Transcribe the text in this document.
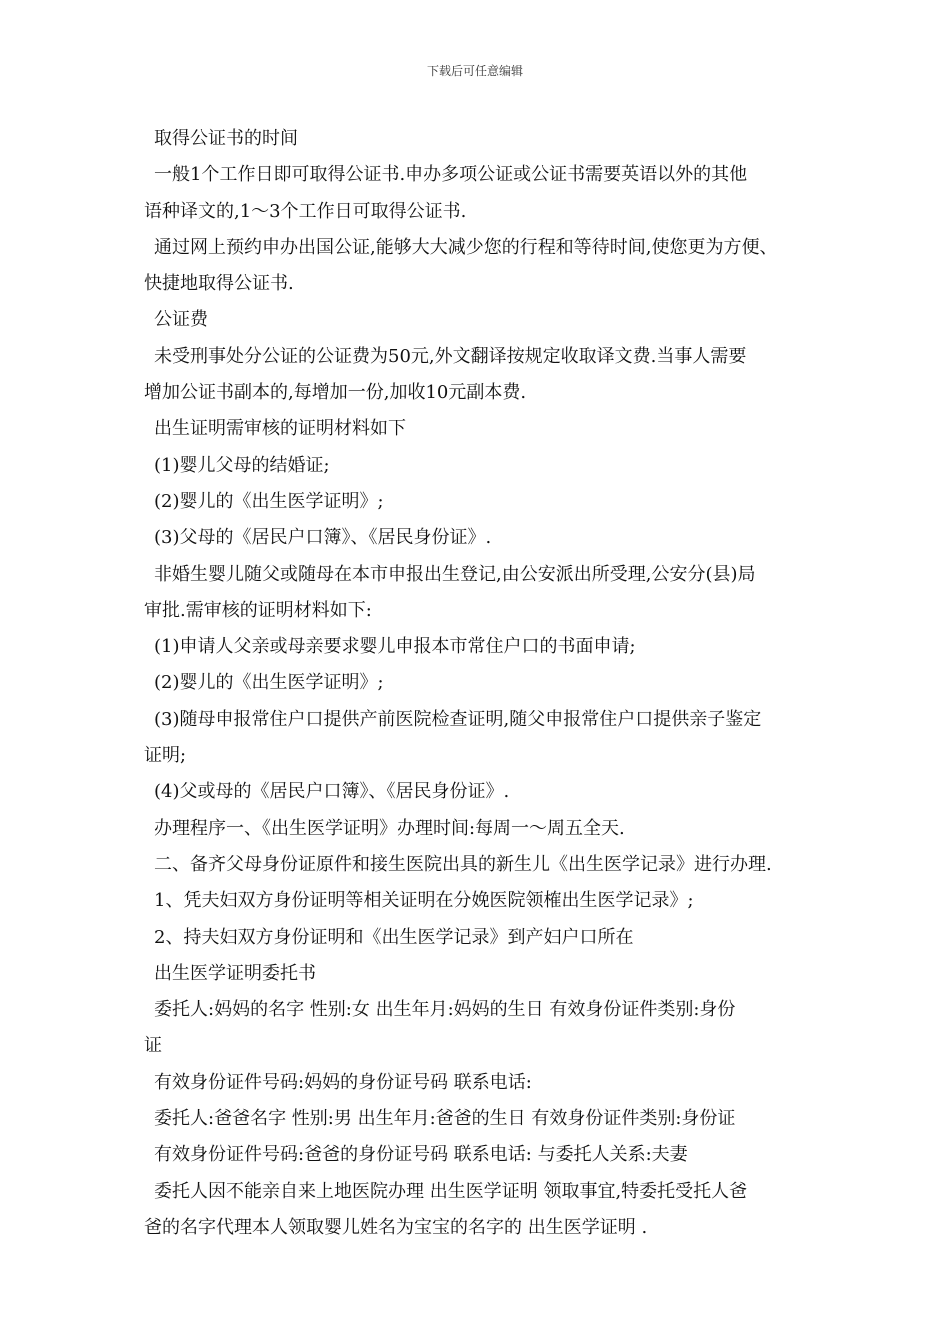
下载后可任意编辑
取得公证书的时间
一般1个工作日即可取得公证书.申办多项公证或公证书需要英语以外的其他
语种译文的,1～3个工作日可取得公证书.
通过网上预约申办出国公证,能够大大减少您的行程和等待时间,使您更为方便、
快捷地取得公证书.
公证费
未受刑事处分公证的公证费为50元,外文翻译按规定收取译文费.当事人需要
增加公证书副本的,每增加一份,加收10元副本费.
出生证明需审核的证明材料如下
(1)婴儿父母的结婚证;
(2)婴儿的《出生医学证明》;
(3)父母的《居民户口簿》、《居民身份证》.
非婚生婴儿随父或随母在本市申报出生登记,由公安派出所受理,公安分(县)局
审批.需审核的证明材料如下:
(1)申请人父亲或母亲要求婴儿申报本市常住户口的书面申请;
(2)婴儿的《出生医学证明》;
(3)随母申报常住户口提供产前医院检查证明,随父申报常住户口提供亲子鉴定
证明;
(4)父或母的《居民户口簿》、《居民身份证》.
办理程序一、《出生医学证明》办理时间:每周一～周五全天.
二、备齐父母身份证原件和接生医院出具的新生儿《出生医学记录》进行办理.
1、凭夫妇双方身份证明等相关证明在分娩医院领榷出生医学记录》;
2、持夫妇双方身份证明和《出生医学记录》到产妇户口所在
出生医学证明委托书
委托人:妈妈的名字 性别:女 出生年月:妈妈的生日 有效身份证件类别:身份
证
有效身份证件号码:妈妈的身份证号码 联系电话:
委托人:爸爸名字 性别:男 出生年月:爸爸的生日 有效身份证件类别:身份证
有效身份证件号码:爸爸的身份证号码 联系电话: 与委托人关系:夫妻
委托人因不能亲自来上地医院办理 出生医学证明 领取事宜,特委托受托人爸
爸的名字代理本人领取婴儿姓名为宝宝的名字的 出生医学证明 .
